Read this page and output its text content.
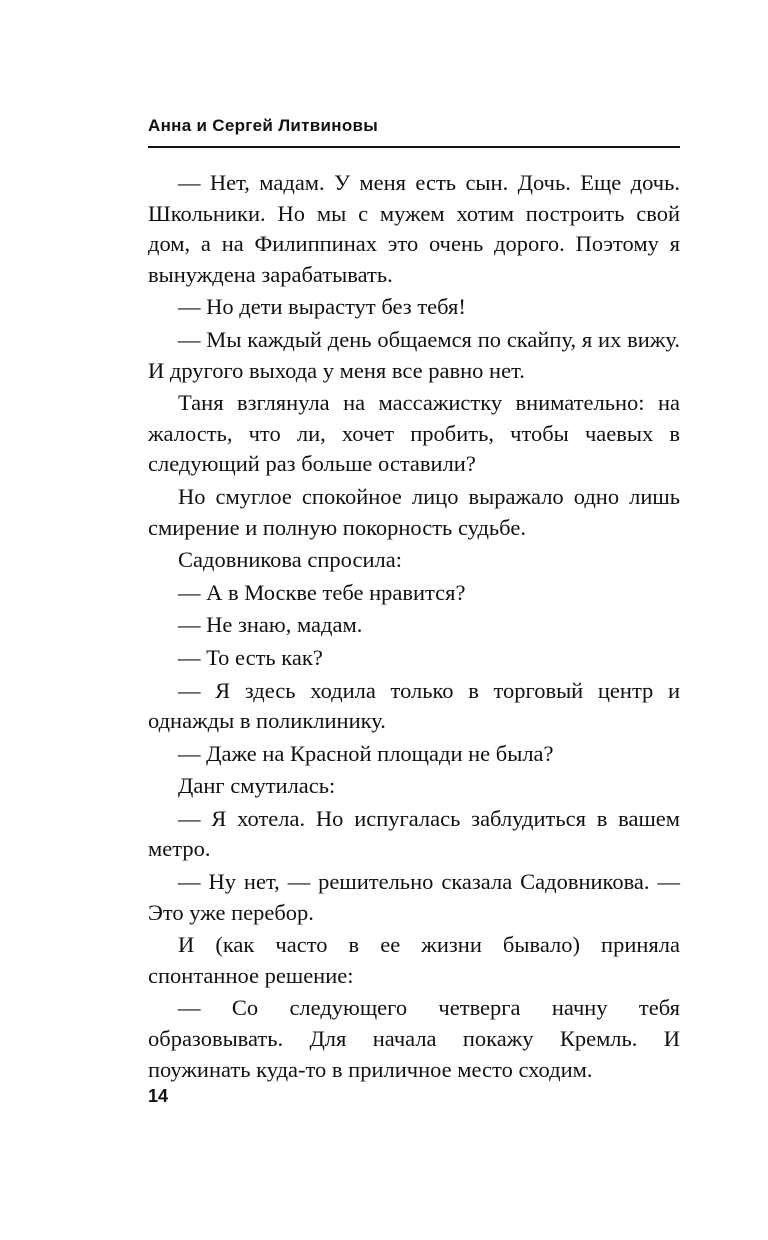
Анна и Сергей Литвиновы

— Нет, мадам. У меня есть сын. Дочь. Еще дочь. Школьники. Но мы с мужем хотим построить свой дом, а на Филиппинах это очень дорого. Поэтому я вынуждена зарабатывать.

— Но дети вырастут без тебя!

— Мы каждый день общаемся по скайпу, я их вижу. И другого выхода у меня все равно нет.

Таня взглянула на массажистку внимательно: на жалость, что ли, хочет пробить, чтобы чаевых в следующий раз больше оставили?

Но смуглое спокойное лицо выражало одно лишь смирение и полную покорность судьбе.

Садовникова спросила:

— А в Москве тебе нравится?

— Не знаю, мадам.

— То есть как?

— Я здесь ходила только в торговый центр и однажды в поликлинику.

— Даже на Красной площади не была?

Данг смутилась:

— Я хотела. Но испугалась заблудиться в вашем метро.

— Ну нет, — решительно сказала Садовникова. — Это уже перебор.

И (как часто в ее жизни бывало) приняла спонтанное решение:

— Со следующего четверга начну тебя образовывать. Для начала покажу Кремль. И поужинать куда-то в приличное место сходим.

14
